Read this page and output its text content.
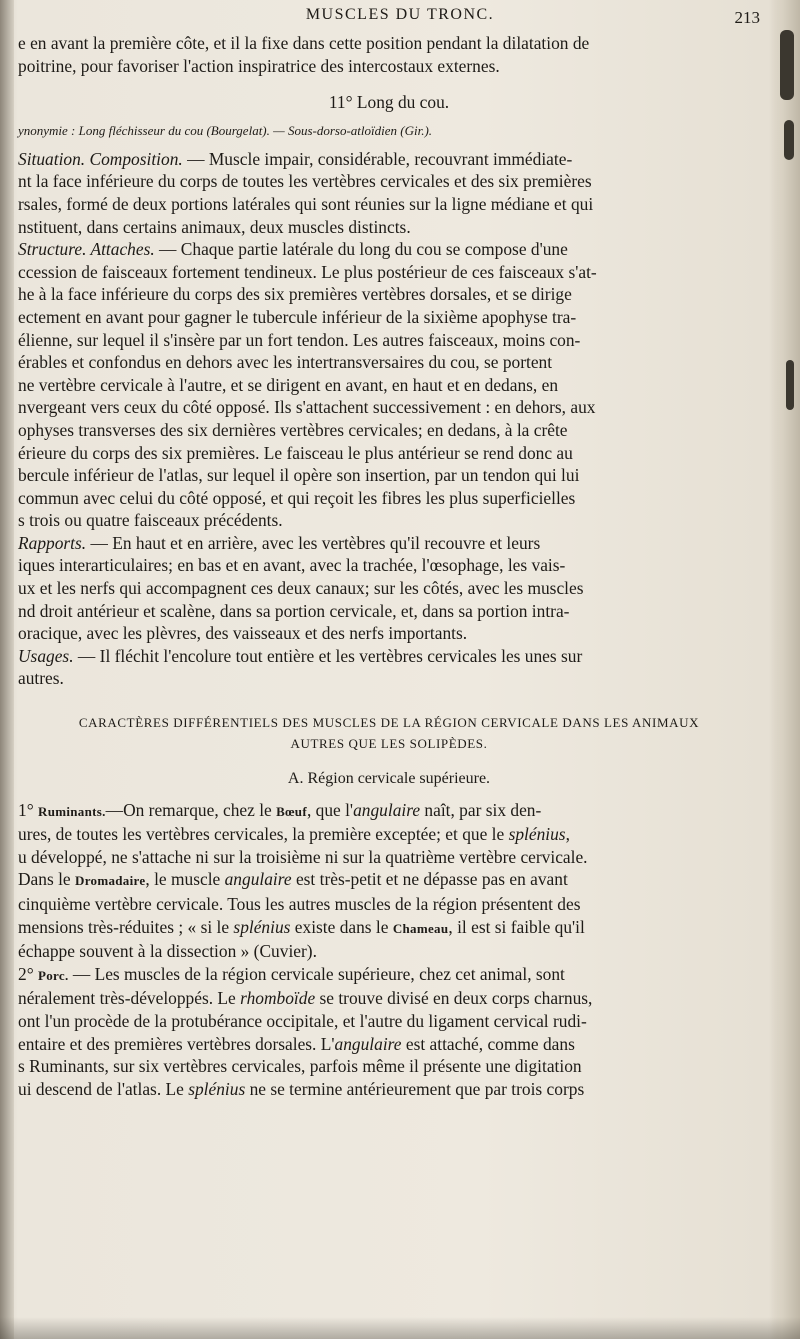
MUSCLES DU TRONC.	213

e en avant la première côte, et il la fixe dans cette position pendant la dilatation de

poitrine, pour favoriser l'action inspiratrice des intercostaux externes.

11° Long du cou.

ynonymie : Long fléchisseur du cou (Bourgelat). — Sous-dorso-atloïdien (Gir.).

Situation. Composition. — Muscle impair, considérable, recouvrant immédiate-

nt la face inférieure du corps de toutes les vertèbres cervicales et des six premières

rsales, formé de deux portions latérales qui sont réunies sur la ligne médiane et qui

nstituent, dans certains animaux, deux muscles distincts.

Structure. Attaches. — Chaque partie latérale du long du cou se compose d'une

ccession de faisceaux fortement tendineux. Le plus postérieur de ces faisceaux s'at-

he à la face inférieure du corps des six premières vertèbres dorsales, et se dirige

ectement en avant pour gagner le tubercule inférieur de la sixième apophyse tra-

élienne, sur lequel il s'insère par un fort tendon. Les autres faisceaux, moins con-

érables et confondus en dehors avec les intertransversaires du cou, se portent

ne vertèbre cervicale à l'autre, et se dirigent en avant, en haut et en dedans, en

nvergeant vers ceux du côté opposé. Ils s'attachent successivement : en dehors, aux

ophyses transverses des six dernières vertèbres cervicales; en dedans, à la crête

érieure du corps des six premières. Le faisceau le plus antérieur se rend donc au

bercule inférieur de l'atlas, sur lequel il opère son insertion, par un tendon qui lui

commun avec celui du côté opposé, et qui reçoit les fibres les plus superficielles

s trois ou quatre faisceaux précédents.

Rapports. — En haut et en arrière, avec les vertèbres qu'il recouvre et leurs

iques interarticulaires; en bas et en avant, avec la trachée, l'œsophage, les vais-

ux et les nerfs qui accompagnent ces deux canaux; sur les côtés, avec les muscles

nd droit antérieur et scalène, dans sa portion cervicale, et, dans sa portion intra-

oracique, avec les plèvres, des vaisseaux et des nerfs importants.

Usages. — Il fléchit l'encolure tout entière et les vertèbres cervicales les unes sur

autres.

CARACTÈRES DIFFÉRENTIELS DES MUSCLES DE LA RÉGION CERVICALE DANS LES ANIMAUX

AUTRES QUE LES SOLIPÈDES.

A. Région cervicale supérieure.

1° Ruminants.—On remarque, chez le Bœuf, que l'angulaire naît, par six den-

ures, de toutes les vertèbres cervicales, la première exceptée; et que le splénius,

u développé, ne s'attache ni sur la troisième ni sur la quatrième vertèbre cervicale.

Dans le Dromadaire, le muscle angulaire est très-petit et ne dépasse pas en avant

cinquième vertèbre cervicale. Tous les autres muscles de la région présentent des

mensions très-réduites ; « si le splénius existe dans le Chameau, il est si faible qu'il

échappe souvent à la dissection » (Cuvier).

2° Porc. — Les muscles de la région cervicale supérieure, chez cet animal, sont

néralement très-développés. Le rhomboïde se trouve divisé en deux corps charnus,

ont l'un procède de la protubérance occipitale, et l'autre du ligament cervical rudi-

entaire et des premières vertèbres dorsales. L'angulaire est attaché, comme dans

s Ruminants, sur six vertèbres cervicales, parfois même il présente une digitation

ui descend de l'atlas. Le splénius ne se termine antérieurement que par trois corps
